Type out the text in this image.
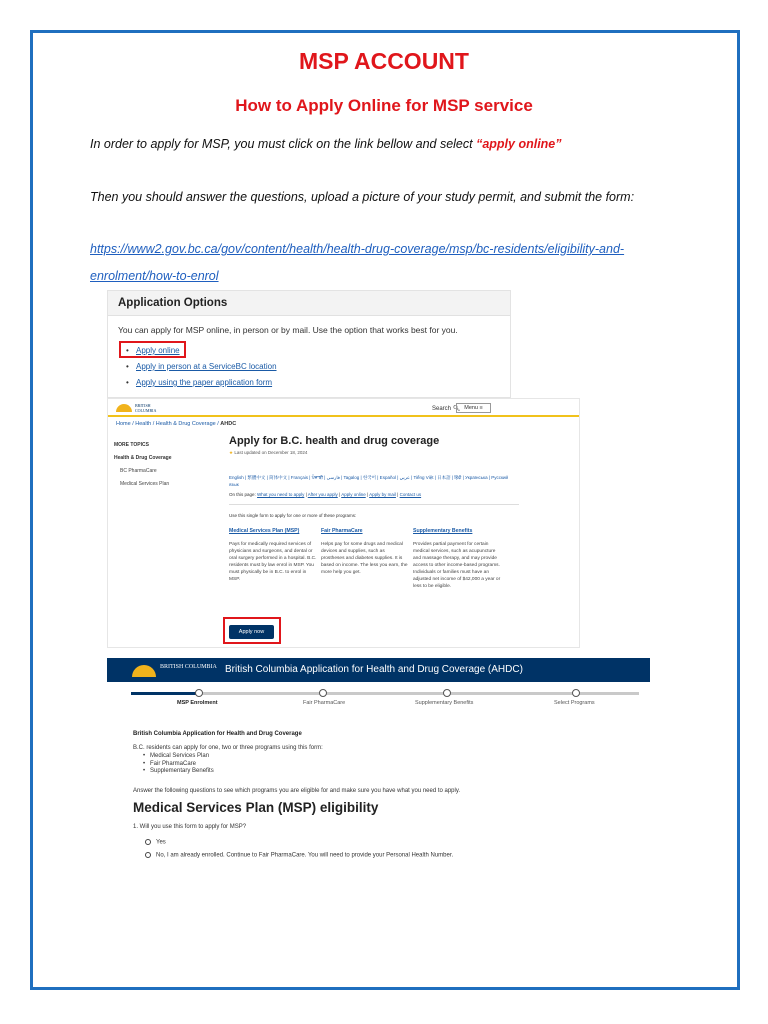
MSP ACCOUNT
How to Apply Online for MSP service
In order to apply for MSP, you must click on the link bellow and select “apply online”
Then you should answer the questions, upload a picture of your study permit, and submit the form:
https://www2.gov.bc.ca/gov/content/health/health-drug-coverage/msp/bc-residents/eligibility-and-enrolment/how-to-enrol
Application Options
You can apply for MSP online, in person or by mail. Use the option that works best for you.
• Apply online
• Apply in person at a ServiceBC location
• Apply using the paper application form
BRITISH COLUMBIA	Search 🔍︎ Menu ≡
Home / Health / Health & Drug Coverage / AHDC
MORE TOPICS
Health & Drug Coverage
BC PharmaCare
Medical Services Plan
Apply for B.C. health and drug coverage
★ Last updated on December 18, 2024
English | 繁體中文 | 简体中文 | Français | ਪੰਜਾਬੀ | فارسی | Tagalog | 한국어 | Español | عربي | Tiếng Việt | 日本語 | हिंदी | Українська | Русский язык
On this page: What you need to apply | After you apply | Apply online | Apply by mail | Contact us
Use this single form to apply for one or more of these programs:
Medical Services Plan (MSP)
Pays for medically required services of physicians and surgeons, and dental or oral surgery performed in a hospital. B.C. residents must by law enrol in MSP. You must physically be in B.C. to enrol in MSP.
Fair PharmaCare
Helps pay for some drugs and medical devices and supplies, such as prostheses and diabetes supplies. It is based on income. The less you earn, the more help you get.
Supplementary Benefits
Provides partial payment for certain medical services, such as acupuncture and massage therapy, and may provide access to other income-based programs. Individuals or families must have an adjusted net income of $42,000 a year or less to be eligible.
Apply now
BRITISH COLUMBIA British Columbia Application for Health and Drug Coverage (AHDC)
MSP Enrolment	Fair PharmaCare	Supplementary Benefits	Select Programs
British Columbia Application for Health and Drug Coverage
B.C. residents can apply for one, two or three programs using this form:
• Medical Services Plan
• Fair PharmaCare
• Supplementary Benefits
Answer the following questions to see which programs you are eligible for and make sure you have what you need to apply.
Medical Services Plan (MSP) eligibility
1. Will you use this form to apply for MSP?
Yes
No, I am already enrolled. Continue to Fair PharmaCare. You will need to provide your Personal Health Number.
